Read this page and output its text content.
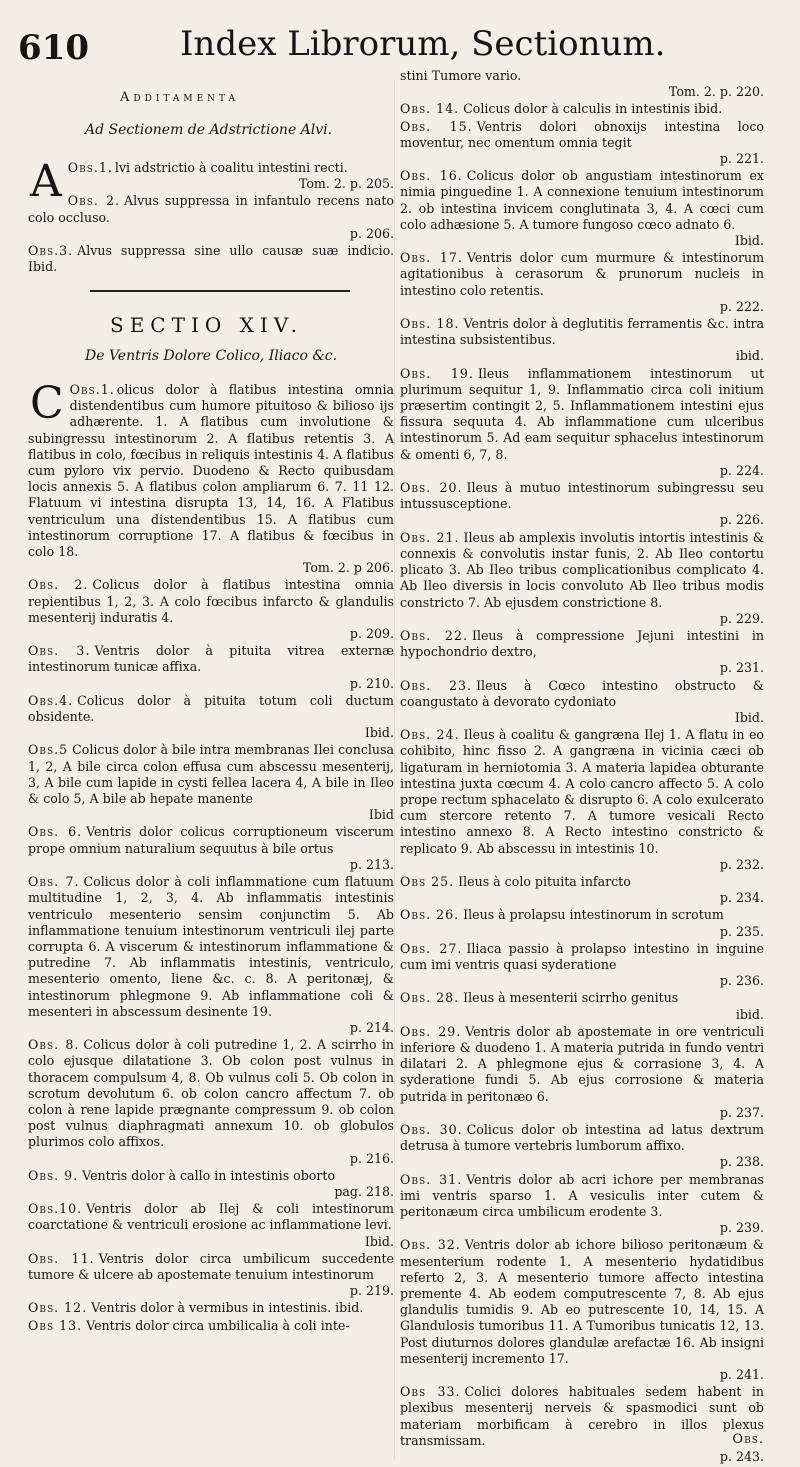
610	Index Librorum, Sectionum.
Additamenta
Ad Sectionem de Adstrictione Alvi.

Obs.1.
A	lvi adstrictio à coalitu intestini recti.
Tom. 2. p. 205.

Obs. 2. Alvus suppressa in infantulo recens nato colo occluso.
p. 206.

Obs.3. Alvus suppressa sine ullo causæ suæ indicio. Ibid.

SECTIO XIV.
De Ventris Dolore Colico, Iliaco &c.

Obs.1.
C	olicus dolor à flatibus intestina omnia distendentibus cum humore pituitoso & bilioso ijs adhærente. 1. A flatibus cum involutione & subingressu intestinorum 2. A flatibus retentis 3. A flatibus in colo, fœcibus in reliquis intestinis 4. A flatibus cum pyloro vix pervio. Duodeno & Recto quibusdam locis annexis 5. A flatibus colon ampliarum 6. 7. 11 12. Flatuum vi intestina disrupta 13, 14, 16. A Flatibus ventriculum una distendentibus 15. A flatibus cum intestinorum corruptione 17. A flatibus & fœcibus in colo 18.
Tom. 2. p 206.

Obs. 2. Colicus dolor à flatibus intestina omnia repientibus 1, 2, 3. A colo fœcibus infarcto & glandulis mesenterij induratis 4.
p. 209.

Obs. 3. Ventris dolor à pituita vitrea externæ intestinorum tunicæ affixa.
p. 210.

Obs.4. Colicus dolor à pituita totum coli ductum obsidente.
Ibid.

Obs.5 Colicus dolor à bile intra membranas Ilei conclusa 1, 2, A bile circa colon effusa cum abscessu mesenterij, 3, A bile cum lapide in cysti fellea lacera 4, A bile in Ileo & colo 5, A bile ab hepate manente
Ibid

Obs. 6. Ventris dolor colicus corruptioneum viscerum prope omnium naturalium sequutus à bile ortus
p. 213.

Obs. 7. Colicus dolor à coli inflammatione cum flatuum multitudine 1, 2, 3, 4. Ab inflammatis intestinis ventriculo mesenterio sensim conjunctim 5. Ab inflammatione tenuium intestinorum ventriculi ilej parte corrupta 6. A viscerum & intestinorum inflammatione & putredine 7. Ab inflammatis intestinis, ventriculo, mesenterio omento, liene &c. c. 8. A peritonæj, & intestinorum phlegmone 9. Ab inflammatione coli & mesenteri in abscessum desinente 19.
p. 214.

Obs. 8. Colicus dolor à coli putredine 1, 2. A scirrho in colo ejusque dilatatione 3. Ob colon post vulnus in thoracem compulsum 4, 8. Ob vulnus coli 5. Ob colon in scrotum devolutum 6. ob colon cancro affectum 7. ob colon à rene lapide prægnante compressum 9. ob colon post vulnus diaphragmati annexum 10. ob globulos plurimos colo affixos.
p. 216.

Obs. 9. Ventris dolor à callo in intestinis oborto
pag. 218.

Obs.10. Ventris dolor ab Ilej & coli intestinorum coarctatione & ventriculi erosione ac inflammatione levi.
Ibid.

Obs. 11. Ventris dolor circa umbilicum succedente tumore & ulcere ab apostemate tenuium intestinorum
p. 219.

Obs. 12. Ventris dolor à vermibus in intestinis. ibid.

Obs 13. Ventris dolor circa umbilicalia à coli inte-

stini Tumore vario.
Tom. 2. p. 220.

Obs. 14. Colicus dolor à calculis in intestinis ibid.

Obs. 15. Ventris dolori obnoxijs intestina loco moventur, nec omentum omnia tegit
p. 221.

Obs. 16. Colicus dolor ob angustiam intestinorum ex nimia pinguedine 1. A connexione tenuium intestinorum 2. ob intestina invicem conglutinata 3, 4. A cœci cum colo adhæsione 5. A tumore fungoso cœco adnato 6.
Ibid.

Obs. 17. Ventris dolor cum murmure & intestinorum agitationibus à cerasorum & prunorum nucleis in intestino colo retentis.
p. 222.

Obs. 18. Ventris dolor à deglutitis ferramentis &c. intra intestina subsistentibus.
ibid.

Obs. 19. Ileus inflammationem intestinorum ut plurimum sequitur 1, 9. Inflammatio circa coli initium præsertim contingit 2, 5. Inflammationem intestini ejus fissura sequuta 4. Ab inflammatione cum ulceribus intestinorum 5. Ad eam sequitur sphacelus intestinorum & omenti 6, 7, 8.
p. 224.

Obs. 20. Ileus à mutuo intestinorum subingressu seu intussusceptione.
p. 226.

Obs. 21. Ileus ab amplexis involutis intortis intestinis & connexis & convolutis instar funis, 2. Ab Ileo contortu plicato 3. Ab Ileo tribus complicationibus complicato 4. Ab Ileo diversis in locis convoluto Ab Ileo tribus modis constricto 7. Ab ejusdem constrictione 8.
p. 229.

Obs. 22. Ileus à compressione Jejuni intestini in hypochondrio dextro,
p. 231.

Obs. 23. Ileus à Cœco intestino obstructo & coangustato à devorato cydoniato
Ibid.

Obs. 24. Ileus à coalitu & gangræna Ilej 1. A flatu in eo cohibito, hinc fisso 2. A gangræna in vicinia cæci ob ligaturam in herniotomia 3. A materia lapidea obturante intestina juxta cœcum 4. A colo cancro affecto 5. A colo prope rectum sphacelato & disrupto 6. A colo exulcerato cum stercore retento 7. A tumore vesicali Recto intestino annexo 8. A Recto intestino constricto & replicato 9. Ab abscessu in intestinis 10.
p. 232.

Obs 25. Ileus à colo pituita infarcto
p. 234.

Obs. 26. Ileus à prolapsu intestinorum in scrotum
p. 235.

Obs. 27. Iliaca passio à prolapso intestino in inguine cum imi ventris quasi syderatione
p. 236.

Obs. 28. Ileus à mesenterii scirrho genitus
ibid.

Obs. 29. Ventris dolor ab apostemate in ore ventriculi inferiore & duodeno 1. A materia putrida in fundo ventri dilatari 2. A phlegmone ejus & corrasione 3, 4. A syderatione fundi 5. Ab ejus corrosione & materia putrida in peritonæo 6.
p. 237.

Obs. 30. Colicus dolor ob intestina ad latus dextrum detrusa à tumore vertebris lumborum affixo.
p. 238.

Obs. 31. Ventris dolor ab acri ichore per membranas imi ventris sparso 1. A vesiculis inter cutem & peritonæum circa umbilicum erodente 3.
p. 239.

Obs. 32. Ventris dolor ab ichore bilioso peritonæum & mesenterium rodente 1. A mesenterio hydatidibus referto 2, 3. A mesenterio tumore affecto intestina premente 4. Ab eodem computrescente 7, 8. Ab ejus glandulis tumidis 9. Ab eo putrescente 10, 14, 15. A Glandulosis tumoribus 11. A Tumoribus tunicatis 12, 13. Post diuturnos dolores glandulæ arefactæ 16. Ab insigni mesenterij incremento 17.
p. 241.

Obs 33. Colici dolores habituales sedem habent in plexibus mesenterij nerveis & spasmodici sunt ob materiam morbificam à cerebro in illos plexus transmissam.
p. 243.

Obs.
